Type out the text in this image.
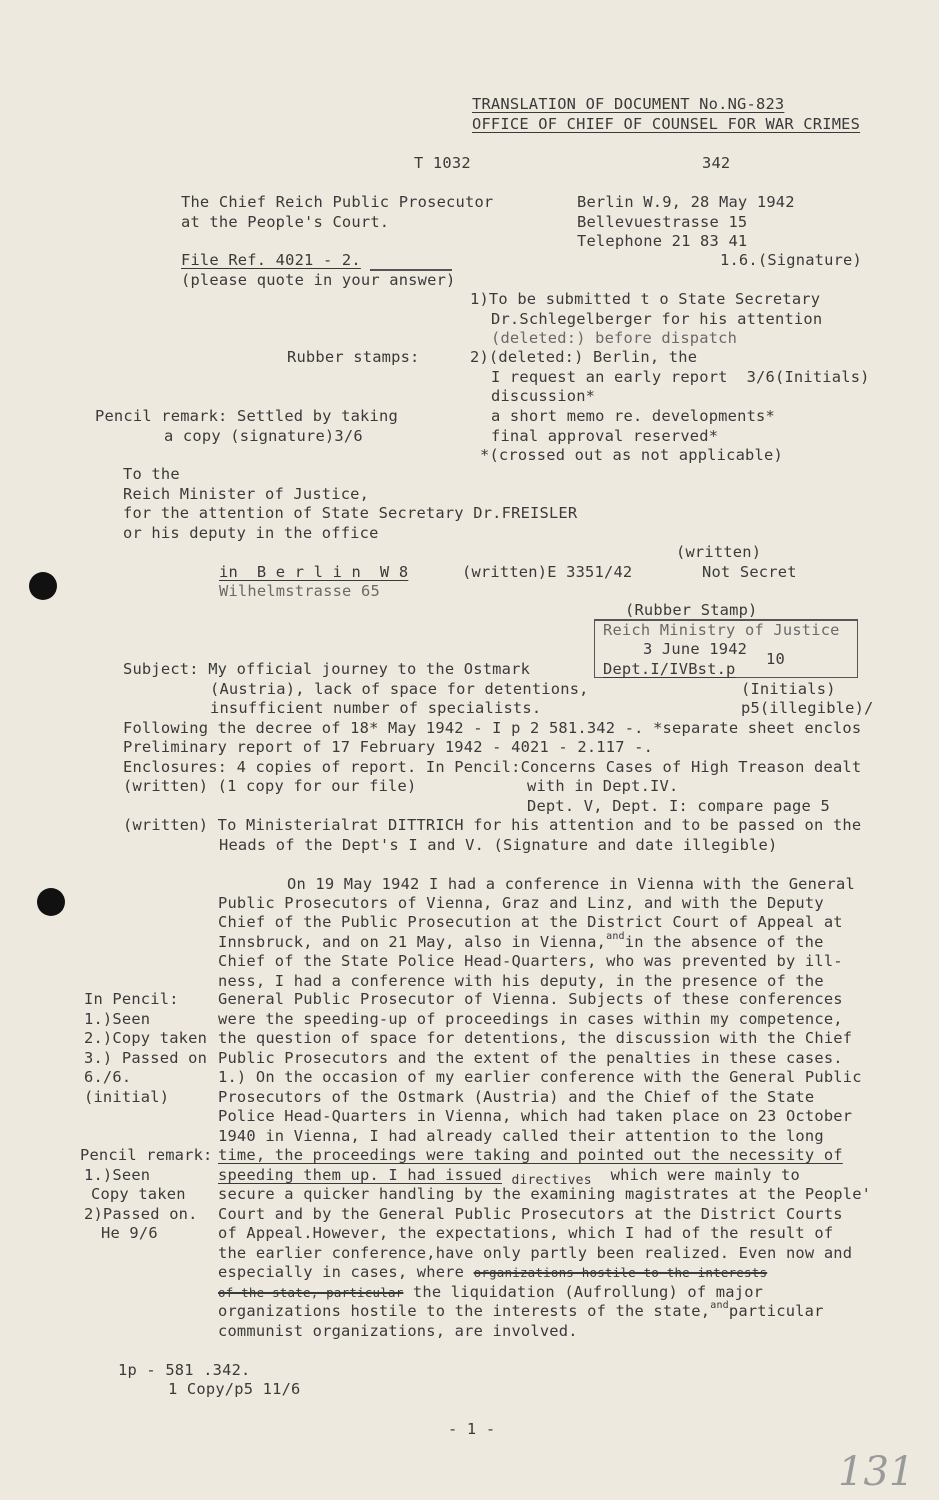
TRANSLATION OF DOCUMENT No.NG-823
OFFICE OF CHIEF OF COUNSEL FOR WAR CRIMES
T 1032	342
The Chief Reich Public Prosecutor
at the People's Court.
File Ref. 4021 - 2.
(please quote in your answer)
Berlin W.9, 28 May 1942
Bellevuestrasse 15
Telephone 21 83 41
1.6.(Signature)
1)To be submitted t o State Secretary
Dr.Schlegelberger for his attention
(deleted:) before dispatch
Rubber stamps:	2)(deleted:) Berlin, the
I request an early report  3/6(Initials)
discussion*
Pencil remark: Settled by taking	a short memo re. developments*
a copy (signature)3/6	final approval reserved*
*(crossed out as not applicable)
To the
Reich Minister of Justice,
for the attention of State Secretary Dr.FREISLER
or his deputy in the office
(written)
in  B e r l i n  W 8	(written)E 3351/42	Not Secret
Wilhelmstrasse 65
(Rubber Stamp)
Reich Ministry of Justice
3 June 1942
10
Dept.I/IVBst.p
Subject: My official journey to the Ostmark
(Austria), lack of space for detentions,	(Initials)
insufficient number of specialists.	p5(illegible)/
Following the decree of 18* May 1942 - I p 2 581.342 -. *separate sheet enclos
Preliminary report of 17 February 1942 - 4021 - 2.117 -.
Enclosures: 4 copies of report. In Pencil:Concerns Cases of High Treason dealt
(written) (1 copy for our file)	with in Dept.IV.
Dept. V, Dept. I: compare page 5
(written) To Ministerialrat DITTRICH for his attention and to be passed on the
Heads of the Dept's I and V. (Signature and date illegible)
In Pencil:
1.)Seen
2.)Copy taken
3.) Passed on
6./6.
(initial)
Pencil remark:
1.)Seen
Copy taken
2)Passed on.
He 9/6
On 19 May 1942 I had a conference in Vienna with the General
Public Prosecutors of Vienna, Graz and Linz, and with the Deputy
Chief of the Public Prosecution at the District Court of Appeal at
Innsbruck, and on 21 May, also in Vienna,$^{and}$in the absence of the
Chief of the State Police Head-Quarters, who was prevented by ill-
ness, I had a conference with his deputy, in the presence of the
General Public Prosecutor of Vienna. Subjects of these conferences
were the speeding-up of proceedings in cases within my competence,
the question of space for detentions, the discussion with the Chief
Public Prosecutors and the extent of the penalties in these cases.
1.) On the occasion of my earlier conference with the General Public
Prosecutors of the Ostmark (Austria) and the Chief of the State
Police Head-Quarters in Vienna, which had taken place on 23 October
1940 in Vienna, I had already called their attention to the long
time, the proceedings were taking and pointed out the necessity of
speeding them up. I had issued $_{directives}$ which were mainly to
secure a quicker handling by the examining magistrates at the People'
Court and by the General Public Prosecutors at the District Courts
of Appeal.However, the expectations, which I had of the result of
the earlier conference,have only partly been realized. Even now and
especially in cases, where organizations hostile to the interests
of the state, particular the liquidation (Aufrollung) of major
organizations hostile to the interests of the state,$^{and}$particular
communist organizations, are involved.
1p - 581 .342.
1 Copy/p5 11/6
- 1 -
131
